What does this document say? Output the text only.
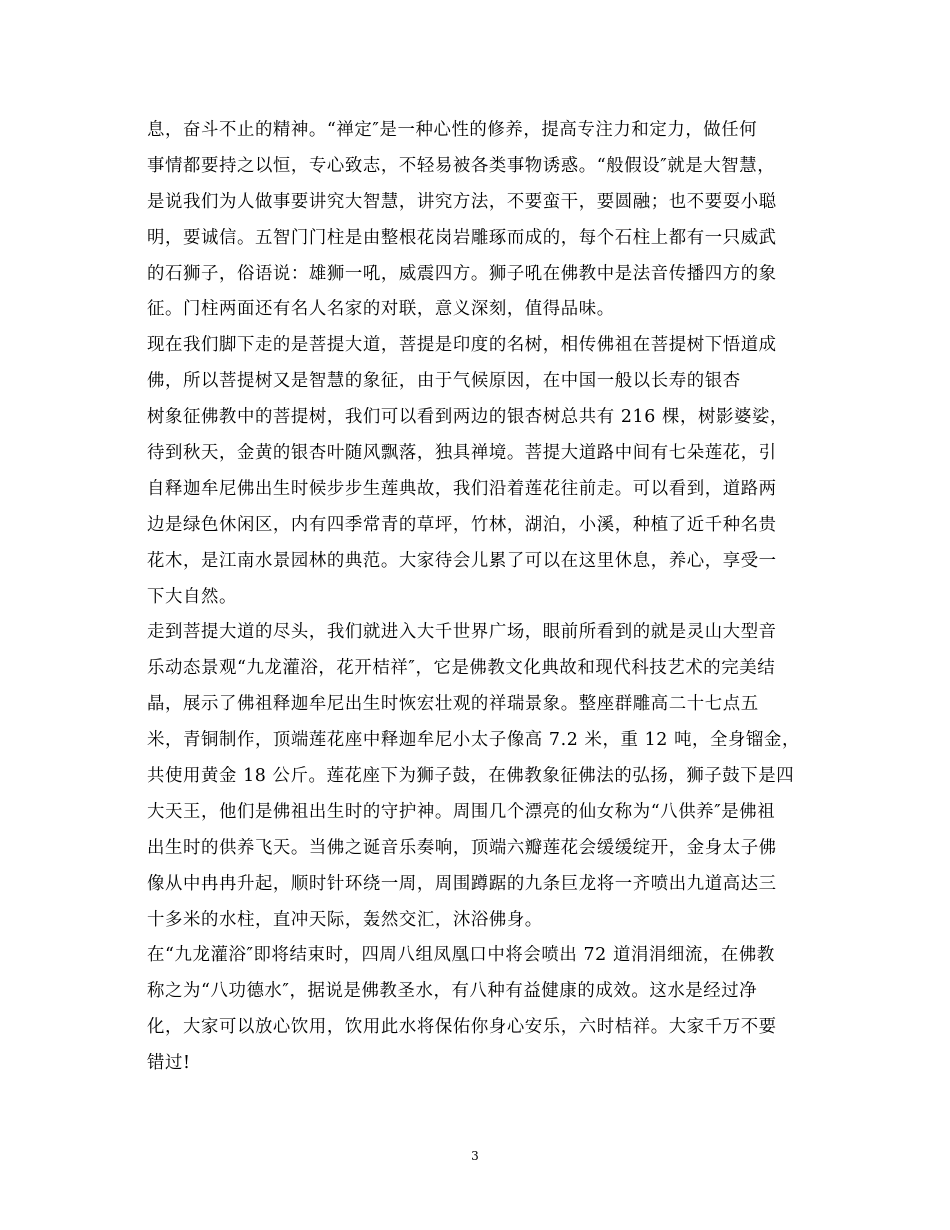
息，奋斗不止的精神。“禅定″是一种心性的修养，提高专注力和定力，做任何
事情都要持之以恒，专心致志，不轻易被各类事物诱惑。“般假设″就是大智慧，
是说我们为人做事要讲究大智慧，讲究方法，不要蛮干，要圆融；也不要耍小聪
明，要诚信。五智门门柱是由整根花岗岩雕琢而成的，每个石柱上都有一只威武
的石狮子，俗语说：雄狮一吼，威震四方。狮子吼在佛教中是法音传播四方的象
征。门柱两面还有名人名家的对联，意义深刻，值得品味。
现在我们脚下走的是菩提大道，菩提是印度的名树，相传佛祖在菩提树下悟道成
佛，所以菩提树又是智慧的象征，由于气候原因，在中国一般以长寿的银杏
树象征佛教中的菩提树，我们可以看到两边的银杏树总共有 216 棵，树影婆娑，
待到秋天，金黄的银杏叶随风飘落，独具禅境。菩提大道路中间有七朵莲花，引
自释迦牟尼佛出生时候步步生莲典故，我们沿着莲花往前走。可以看到，道路两
边是绿色休闲区，内有四季常青的草坪，竹林，湖泊，小溪，种植了近千种名贵
花木，是江南水景园林的典范。大家待会儿累了可以在这里休息，养心，享受一
下大自然。
走到菩提大道的尽头，我们就进入大千世界广场，眼前所看到的就是灵山大型音
乐动态景观“九龙灌浴，花开桔祥″，它是佛教文化典故和现代科技艺术的完美结
晶，展示了佛祖释迦牟尼出生时恢宏壮观的祥瑞景象。整座群雕高二十七点五
米，青铜制作，顶端莲花座中释迦牟尼小太子像高 7.2 米，重 12 吨，全身镏金，
共使用黄金 18 公斤。莲花座下为狮子鼓，在佛教象征佛法的弘扬，狮子鼓下是四
大天王，他们是佛祖出生时的守护神。周围几个漂亮的仙女称为“八供养″是佛祖
出生时的供养飞天。当佛之诞音乐奏响，顶端六瓣莲花会缓缓绽开，金身太子佛
像从中冉冉升起，顺时针环绕一周，周围蹲踞的九条巨龙将一齐喷出九道高达三
十多米的水柱，直冲天际，轰然交汇，沐浴佛身。
在“九龙灌浴″即将结束时，四周八组凤凰口中将会喷出 72 道涓涓细流，在佛教
称之为“八功德水″，据说是佛教圣水，有八种有益健康的成效。这水是经过净
化，大家可以放心饮用，饮用此水将保佑你身心安乐，六时桔祥。大家千万不要
错过!
3
